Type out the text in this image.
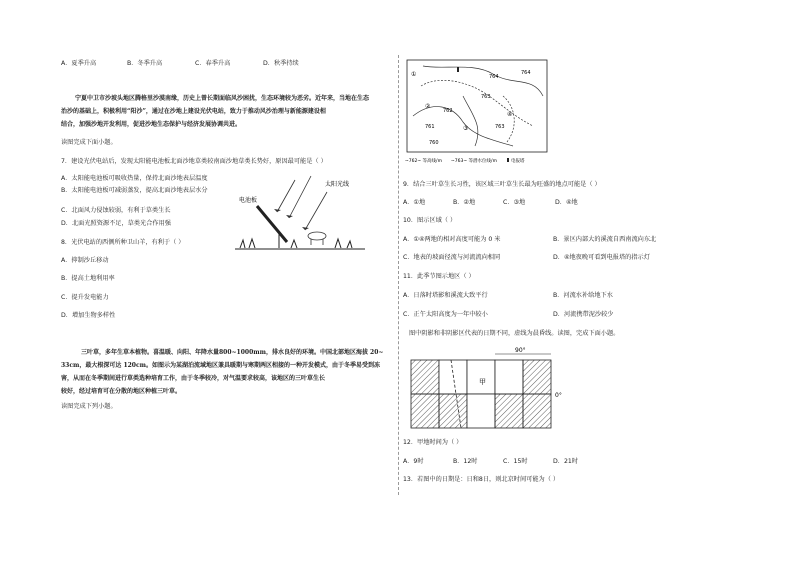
A．夏季升高	B．冬季升高	C．春季升高	D．秋季持续
宁夏中卫市沙坡头地区腾格里沙漠南缘，历史上曾长期面临风沙困扰，生态环境较为恶劣。近年来，当地在生态
治沙的基础上，积极利用“阳沙”，通过在沙地上建设光伏电站，致力于推动风沙治理与新能源建设相
结合，加强沙地开发利用，促进沙地生态保护与经济发展协调共进。
读图完成下面小题。
7．建设光伏电站后，发现太阳能电池板北面沙地草类较南面沙地草类长势好，原因最可能是（ ）
A．太阳能电池板可吸收热量，保持北面沙地表层温度
B．太阳能电池板可减弱蒸发，提高北面沙地表层水分
C．北面风力侵蚀较弱，有利于草类生长
D．北面光照资源不足，草类光合作用强
太阳光线
电池板
8．光伏电站的西侧所种卫山羊，有利于（ ）
A．抑制沙丘移动
B．提高土地利用率
C．提升发电能力
D．增加生物多样性
三叶草，多年生草本植物。喜温暖、向阳、年降水量800~1000mm，排水良好的环境。中国北部地区海拔 20~
33cm，最大根深可达 120cm。如图示为某湖泊流域地区兼具暖期与寒期两区相接的一种开发模式，由于冬季易受到冻
害，从而在冬季期间进行草类选种培育工作，由于冬季较冷，对气温要求较高，该地区的三叶草生长
较好，经过培育可在分散的地区种植三叶草。
读图完成下列小题。
764
763
762
761
760
764
763
①
②
③
④
~762~ 等高线/m ~763~ 等潜水位线/m	电报塔
9．结合三叶草生长习性，该区域三叶草生长最为旺盛的地点可能是（ ）
A．①地	B．②地	C．③地	D．④地
10．图示区域（ ）
A．①④两地的相对高度可能为 0 米	B．景区内部大的溪流自西南流向东北
C．地表的坡面径流与河流流向相同	D．④地夜晚可看到电报塔的指示灯
11．此季节图示地区（ ）
A．日落时塔影和溪流大致平行	B．河流水补给地下水
C．正午太阳高度为一年中较小	D．河流携带泥沙较少
图中阴影和非阴影区代表的日期不同，虚线为晨昏线。读图，完成下面小题。
90°
0°
甲
12．甲地时间为（ ）
A．9时	B．12时	C．15时	D．21时
13．若图中的日期是：日和8日，则北京时间可能为（ ）
